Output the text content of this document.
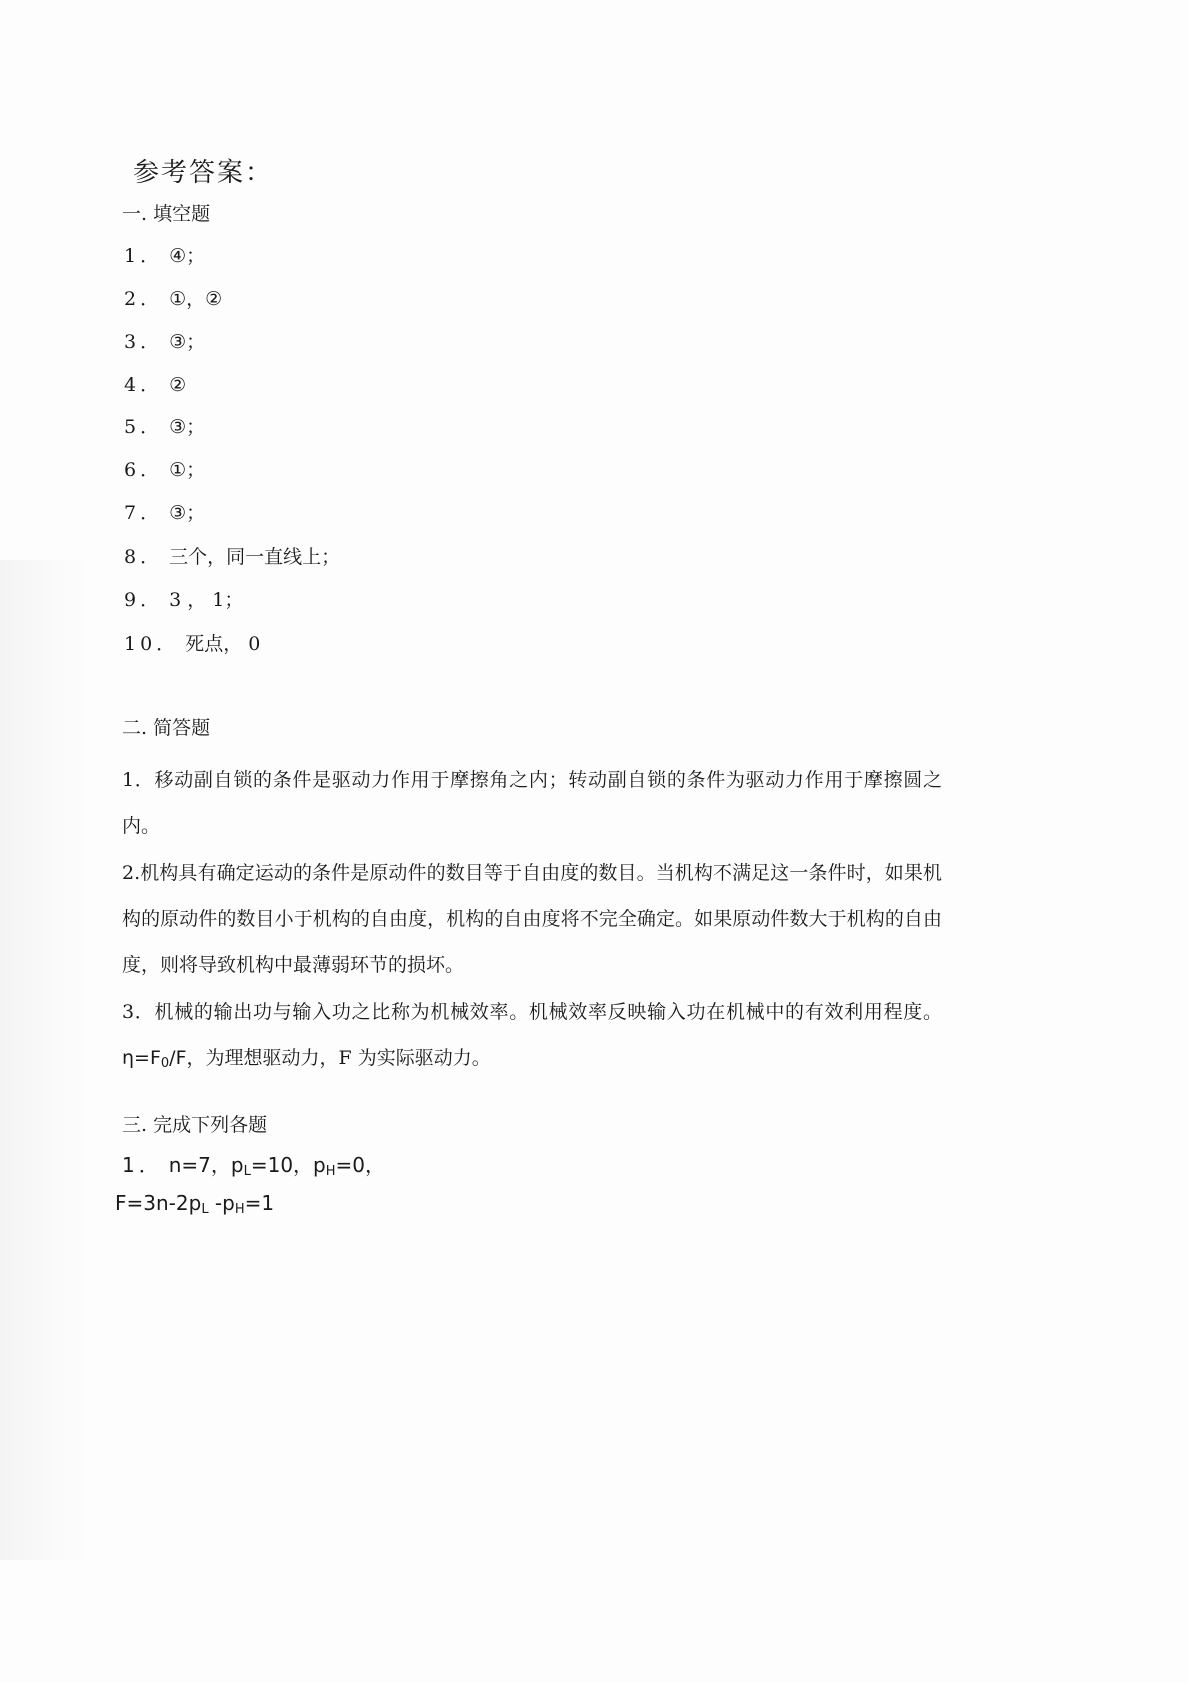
参考答案：
一. 填空题
1． ④；
2． ①，②
3． ③；
4． ②
5． ③；
6． ①；
7． ③；
8． 三个，同一直线上；
9． 3 ， 1；
10． 死点， 0
二. 简答题
1．移动副自锁的条件是驱动力作用于摩擦角之内；转动副自锁的条件为驱动力作用于摩擦圆之内。
2.机构具有确定运动的条件是原动件的数目等于自由度的数目。当机构不满足这一条件时，如果机构的原动件的数目小于机构的自由度，机构的自由度将不完全确定。如果原动件数大于机构的自由度，则将导致机构中最薄弱环节的损坏。
3．机械的输出功与输入功之比称为机械效率。机械效率反映输入功在机械中的有效利用程度。$\eta=F_0/F$，为理想驱动力，F 为实际驱动力。
三. 完成下列各题
1． n=7，$p_L=10$，$p_H=0$，
$F=3n-2p_L$ $-p_H=1$
